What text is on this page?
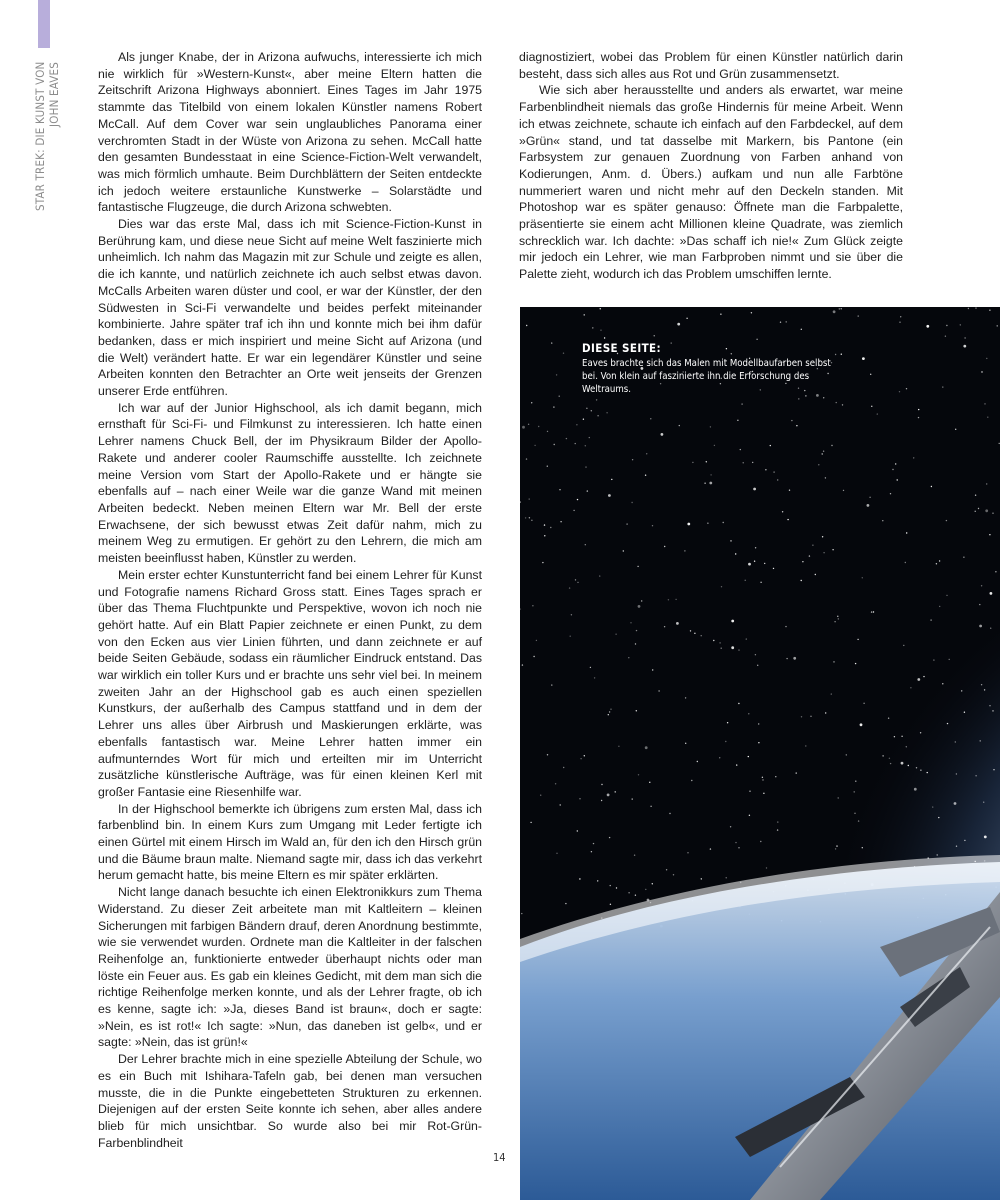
STAR TREK: DIE KUNST VON JOHN EAVES

Als junger Knabe, der in Arizona aufwuchs, interessierte ich mich nie wirklich für »Western-Kunst«, aber meine Eltern hatten die Zeitschrift Arizona Highways abonniert. Eines Tages im Jahr 1975 stammte das Titelbild von einem lokalen Künstler namens Robert McCall. Auf dem Cover war sein unglaubliches Panorama einer verchromten Stadt in der Wüste von Arizona zu sehen. McCall hatte den gesamten Bundesstaat in eine Science-Fiction-Welt verwandelt, was mich förmlich umhaute. Beim Durchblättern der Seiten entdeckte ich jedoch weitere erstaunliche Kunstwerke – Solarstädte und fantastische Flugzeuge, die durch Arizona schwebten.

Dies war das erste Mal, dass ich mit Science-Fiction-Kunst in Berührung kam, und diese neue Sicht auf meine Welt faszinierte mich unheimlich. Ich nahm das Magazin mit zur Schule und zeigte es allen, die ich kannte, und natürlich zeichnete ich auch selbst etwas davon. McCalls Arbeiten waren düster und cool, er war der Künstler, der den Südwesten in Sci-Fi verwandelte und beides perfekt miteinander kombinierte. Jahre später traf ich ihn und konnte mich bei ihm dafür bedanken, dass er mich inspiriert und meine Sicht auf Arizona (und die Welt) verändert hatte. Er war ein legendärer Künstler und seine Arbeiten konnten den Betrachter an Orte weit jenseits der Grenzen unserer Erde entführen.

Ich war auf der Junior Highschool, als ich damit begann, mich ernsthaft für Sci-Fi- und Filmkunst zu interessieren. Ich hatte einen Lehrer namens Chuck Bell, der im Physikraum Bilder der Apollo-Rakete und anderer cooler Raumschiffe ausstellte. Ich zeichnete meine Version vom Start der Apollo-Rakete und er hängte sie ebenfalls auf – nach einer Weile war die ganze Wand mit meinen Arbeiten bedeckt. Neben meinen Eltern war Mr. Bell der erste Erwachsene, der sich bewusst etwas Zeit dafür nahm, mich zu meinem Weg zu ermutigen. Er gehört zu den Lehrern, die mich am meisten beeinflusst haben, Künstler zu werden.

Mein erster echter Kunstunterricht fand bei einem Lehrer für Kunst und Fotografie namens Richard Gross statt. Eines Tages sprach er über das Thema Fluchtpunkte und Perspektive, wovon ich noch nie gehört hatte. Auf ein Blatt Papier zeichnete er einen Punkt, zu dem von den Ecken aus vier Linien führten, und dann zeichnete er auf beide Seiten Gebäude, sodass ein räumlicher Eindruck entstand. Das war wirklich ein toller Kurs und er brachte uns sehr viel bei. In meinem zweiten Jahr an der Highschool gab es auch einen speziellen Kunstkurs, der außerhalb des Campus stattfand und in dem der Lehrer uns alles über Airbrush und Maskierungen erklärte, was ebenfalls fantastisch war. Meine Lehrer hatten immer ein aufmunterndes Wort für mich und erteilten mir im Unterricht zusätzliche künstlerische Aufträge, was für einen kleinen Kerl mit großer Fantasie eine Riesenhilfe war.

In der Highschool bemerkte ich übrigens zum ersten Mal, dass ich farbenblind bin. In einem Kurs zum Umgang mit Leder fertigte ich einen Gürtel mit einem Hirsch im Wald an, für den ich den Hirsch grün und die Bäume braun malte. Niemand sagte mir, dass ich das verkehrt herum gemacht hatte, bis meine Eltern es mir später erklärten.

Nicht lange danach besuchte ich einen Elektronikkurs zum Thema Widerstand. Zu dieser Zeit arbeitete man mit Kaltleitern – kleinen Sicherungen mit farbigen Bändern drauf, deren Anordnung bestimmte, wie sie verwendet wurden. Ordnete man die Kaltleiter in der falschen Reihenfolge an, funktionierte entweder überhaupt nichts oder man löste ein Feuer aus. Es gab ein kleines Gedicht, mit dem man sich die richtige Reihenfolge merken konnte, und als der Lehrer fragte, ob ich es kenne, sagte ich: »Ja, dieses Band ist braun«, doch er sagte: »Nein, es ist rot!« Ich sagte: »Nun, das daneben ist gelb«, und er sagte: »Nein, das ist grün!«

Der Lehrer brachte mich in eine spezielle Abteilung der Schule, wo es ein Buch mit Ishihara-Tafeln gab, bei denen man versuchen musste, die in die Punkte eingebetteten Strukturen zu erkennen. Diejenigen auf der ersten Seite konnte ich sehen, aber alles andere blieb für mich unsichtbar. So wurde also bei mir Rot-Grün-Farbenblindheit

diagnostiziert, wobei das Problem für einen Künstler natürlich darin besteht, dass sich alles aus Rot und Grün zusammensetzt.

Wie sich aber herausstellte und anders als erwartet, war meine Farbenblindheit niemals das große Hindernis für meine Arbeit. Wenn ich etwas zeichnete, schaute ich einfach auf den Farbdeckel, auf dem »Grün« stand, und tat dasselbe mit Markern, bis Pantone (ein Farbsystem zur genauen Zuordnung von Farben anhand von Kodierungen, Anm. d. Übers.) aufkam und nun alle Farbtöne nummeriert waren und nicht mehr auf den Deckeln standen. Mit Photoshop war es später genauso: Öffnete man die Farbpalette, präsentierte sie einem acht Millionen kleine Quadrate, was ziemlich schrecklich war. Ich dachte: »Das schaff ich nie!« Zum Glück zeigte mir jedoch ein Lehrer, wie man Farbproben nimmt und sie über die Palette zieht, wodurch ich das Problem umschiffen lernte.

DIESE SEITE:
Eaves brachte sich das Malen mit Modellbaufarben selbst bei. Von klein auf faszinierte ihn die Erforschung des Weltraums.
14
